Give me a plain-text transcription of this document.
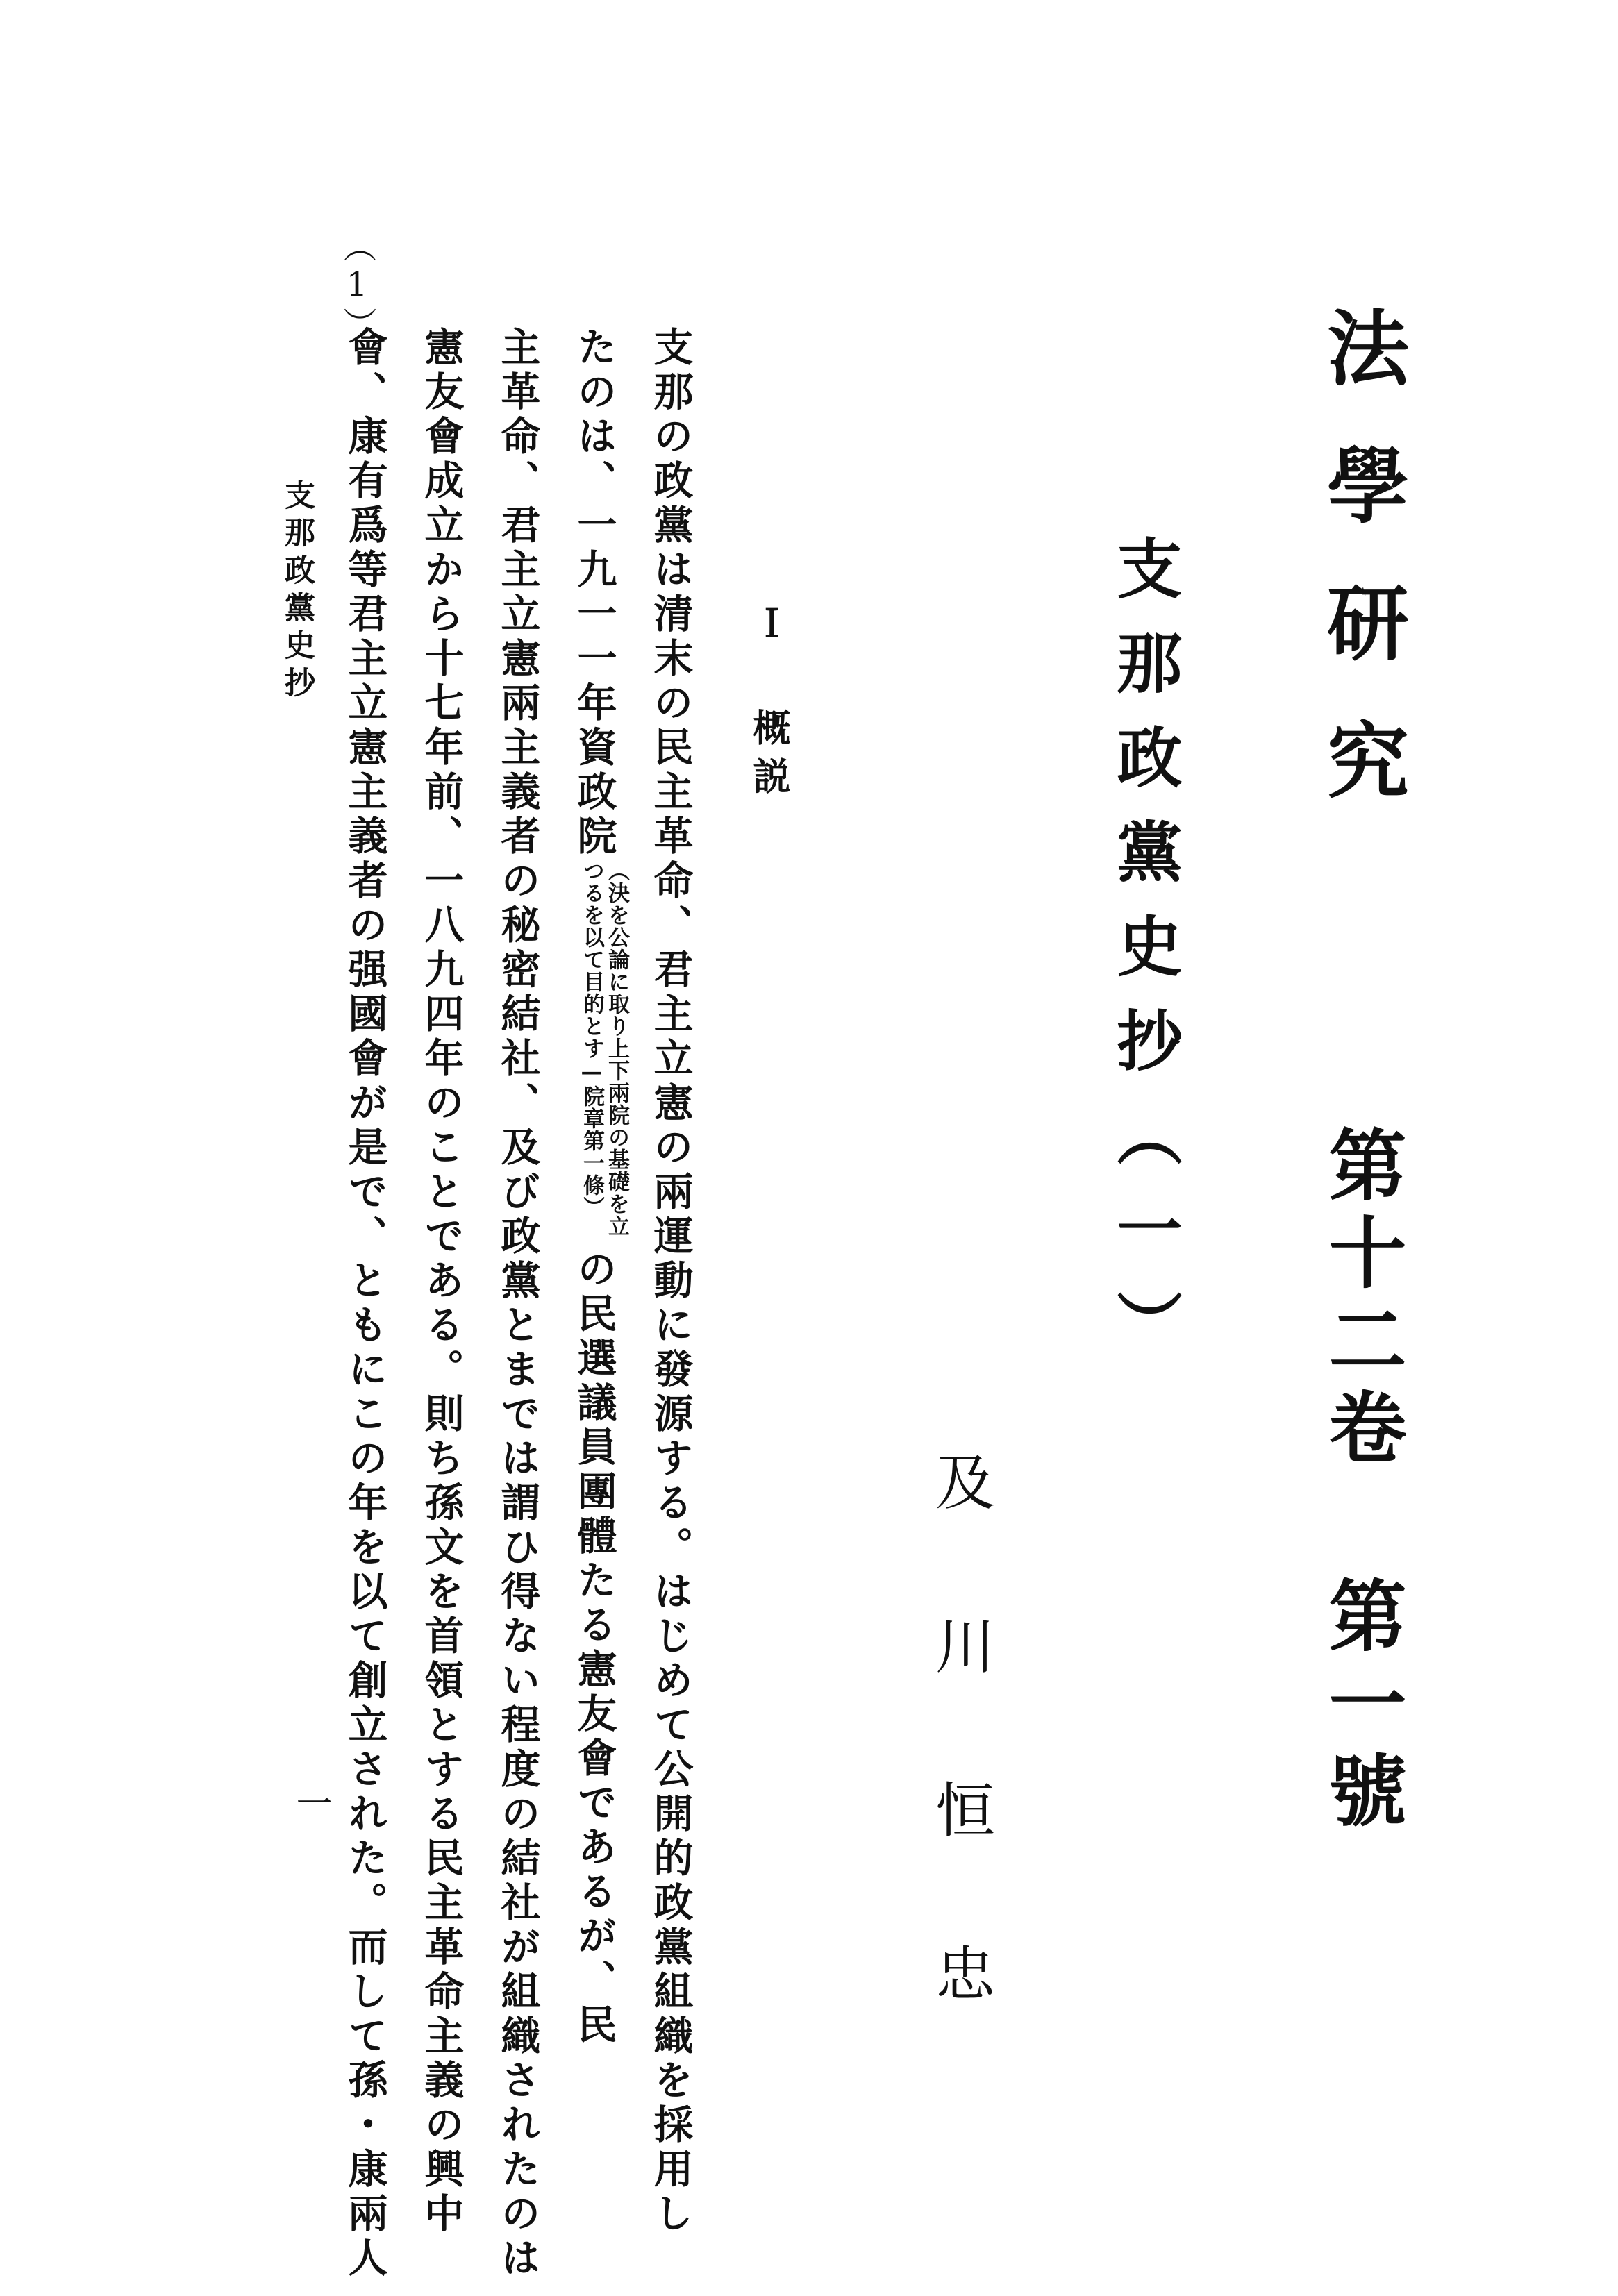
法學研究
第十二卷 第一號
支那政黨史抄（一）
及川恒忠
Ｉ 概説
支那の政黨は清末の民主革命、君主立憲の兩運動に發源する。はじめて公開的政黨組織を採用し
たのは、一九一一年資政院（決を公論に取り上下兩院の基礎を立つるを以て目的とす—院章第一條）の民選議員團體たる憲友會であるが、民
主革命、君主立憲兩主義者の秘密結社、及び政黨とまでは謂ひ得ない程度の結社が組織されたのは
憲友會成立から十七年前、一八九四年のことである。則ち孫文を首領とする民主革命主義の興中
會、康有爲等君主立憲主義者の强國會が是で、ともにこの年を以て創立された。而して孫・康兩人
（1）
支那政黨史抄
一
